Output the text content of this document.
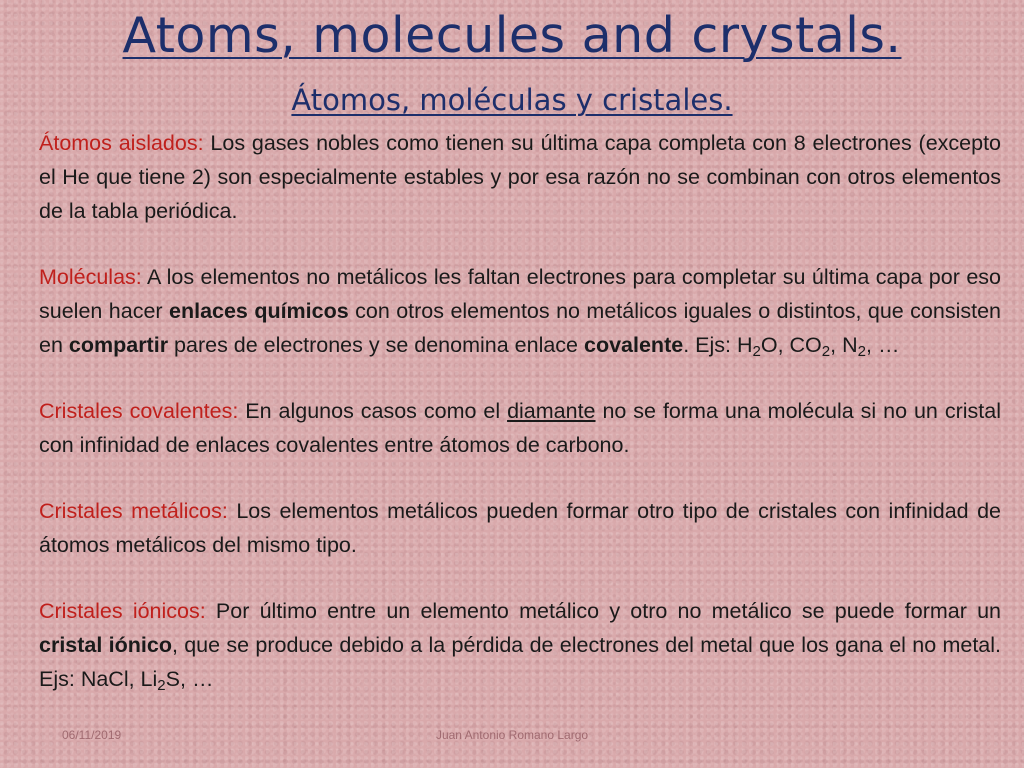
Atoms, molecules and crystals.
Átomos, moléculas y cristales.
06/11/2019	Juan Antonio Romano Largo

Átomos aislados: Los gases nobles como tienen su última capa completa con 8 electrones (excepto el He que tiene 2) son especialmente estables y por esa razón no se combinan con otros elementos de la tabla periódica.

Moléculas: A los elementos no metálicos les faltan electrones para completar su última capa por eso suelen hacer enlaces químicos con otros elementos no metálicos iguales o distintos, que consisten en compartir pares de electrones y se denomina enlace covalente. Ejs: $H_2O$, $CO_2$, $N_2$, …

Cristales covalentes: En algunos casos como el diamante no se forma una molécula si no un cristal con infinidad de enlaces covalentes entre átomos de carbono.

Cristales metálicos: Los elementos metálicos pueden formar otro tipo de cristales con infinidad de átomos metálicos del mismo tipo.

Cristales iónicos: Por último entre un elemento metálico y otro no metálico se puede formar un cristal iónico, que se produce debido a la pérdida de electrones del metal que los gana el no metal. Ejs: NaCl, $Li_2S$, …
